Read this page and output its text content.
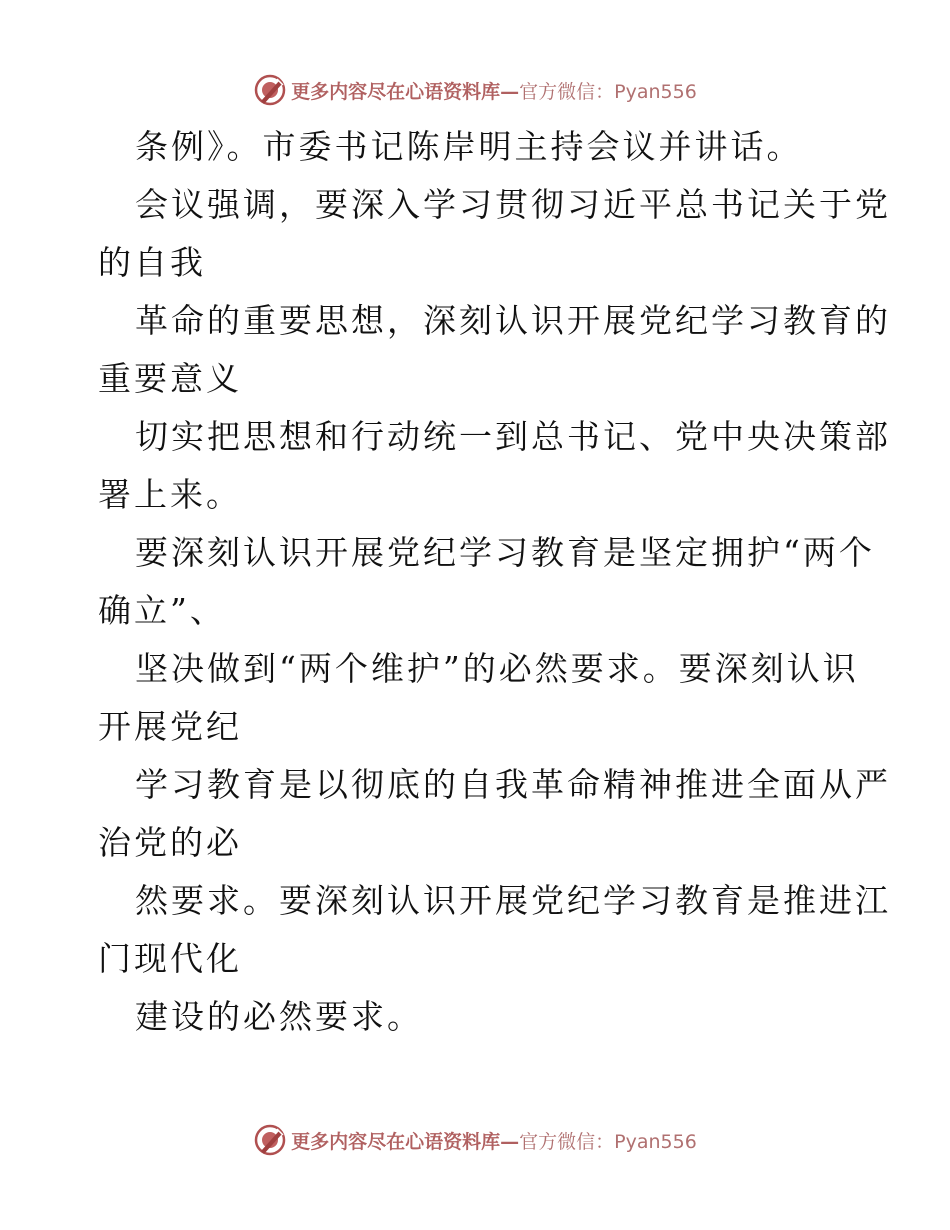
更多内容尽在心语资料库— 官方微信：Pyan556
条例》。市委书记陈岸明主持会议并讲话。
会议强调，要深入学习贯彻习近平总书记关于党
的自我
革命的重要思想，深刻认识开展党纪学习教育的
重要意义
切实把思想和行动统一到总书记、党中央决策部
署上来。
要深刻认识开展党纪学习教育是坚定拥护“两个
确立”、
坚决做到“两个维护”的必然要求。要深刻认识
开展党纪
学习教育是以彻底的自我革命精神推进全面从严
治党的必
然要求。要深刻认识开展党纪学习教育是推进江
门现代化
建设的必然要求。
更多内容尽在心语资料库— 官方微信：Pyan556
